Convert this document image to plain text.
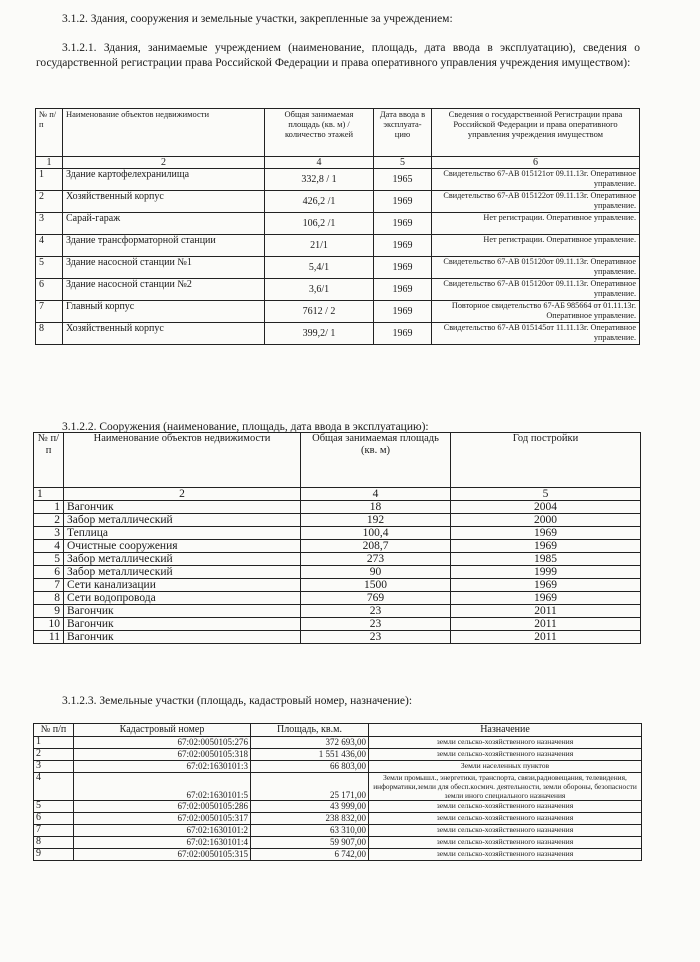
3.1.2. Здания, сооружения и земельные участки, закрепленные за учреждением:
3.1.2.1. Здания, занимаемые учреждением (наименование, площадь, дата ввода в эксплуатацию), сведения о государственной регистрации права Российской Федерации и права оперативного управления учреждения имуществом):
№ п/п	Наименование объектов недвижимости	Общая занимаемая площадь (кв. м) / количество этажей	Дата ввода в эксплуата-цию	Сведения о государственной Регистрации права Российской Федерации и права оперативного управления учреждения имуществом
1	2	4	5	6
1	Здание картофелехранилища	332,8 / 1	1965	Свидетельство 67-АВ 015121от 09.11.13г. Оперативное управление.
2	Хозяйственный корпус	426,2 /1	1969	Свидетельство 67-АВ 015122от 09.11.13г. Оперативное управление.
3	Сарай-гараж	106,2 /1	1969	Нет регистрации. Оперативное управление.
4	Здание трансформаторной станции	21/1	1969	Нет регистрации. Оперативное управление.
5	Здание насосной станции №1	5,4/1	1969	Свидетельство 67-АВ 015120от 09.11.13г. Оперативное управление.
6	Здание насосной станции №2	3,6/1	1969	Свидетельство 67-АВ 015120от 09.11.13г. Оперативное управление.
7	Главный корпус	7612 / 2	1969	Повторное свидетельство 67-АБ 985664 от 01.11.13г. Оперативное управление.
8	Хозяйственный корпус	399,2/ 1	1969	Свидетельство 67-АВ 015145от 11.11.13г. Оперативное управление.
3.1.2.2. Сооружения (наименование, площадь, дата ввода в эксплуатацию):
№ п/п	Наименование объектов недвижимости	Общая занимаемая площадь (кв. м)	Год постройки
1	2	4	5
1	Вагончик	18	2004
2	Забор металлический	192	2000
3	Теплица	100,4	1969
4	Очистные сооружения	208,7	1969
5	Забор металлический	273	1985
6	Забор металлический	90	1999
7	Сети канализации	1500	1969
8	Сети водопровода	769	1969
9	Вагончик	23	2011
10	Вагончик	23	2011
11	Вагончик	23	2011
3.1.2.3. Земельные участки (площадь, кадастровый номер, назначение):
№ п/п	Кадастровый номер	Площадь, кв.м.	Назначение
1	67:02:0050105:276	372 693,00	земли сельско-хозяйственного назначения
2	67:02:0050105:318	1 551 436,00	земли сельско-хозяйственного назначения
3	67:02:1630101:3	66 803,00	Земли населенных пунктов
4	67:02:1630101:5	25 171,00	Земли промышл., энергетики, транспорта, связи,радиовещания, телевидения, информатики,земли для обесп.космич. деятельности, земли обороны, безопасности земли иного специального назначения
5	67:02:0050105:286	43 999,00	земли сельско-хозяйственного назначения
6	67:02:0050105:317	238 832,00	земли сельско-хозяйственного назначения
7	67:02:1630101:2	63 310,00	земли сельско-хозяйственного назначения
8	67:02:1630101:4	59 907,00	земли сельско-хозяйственного назначения
9	67:02:0050105:315	6 742,00	земли сельско-хозяйственного назначения
